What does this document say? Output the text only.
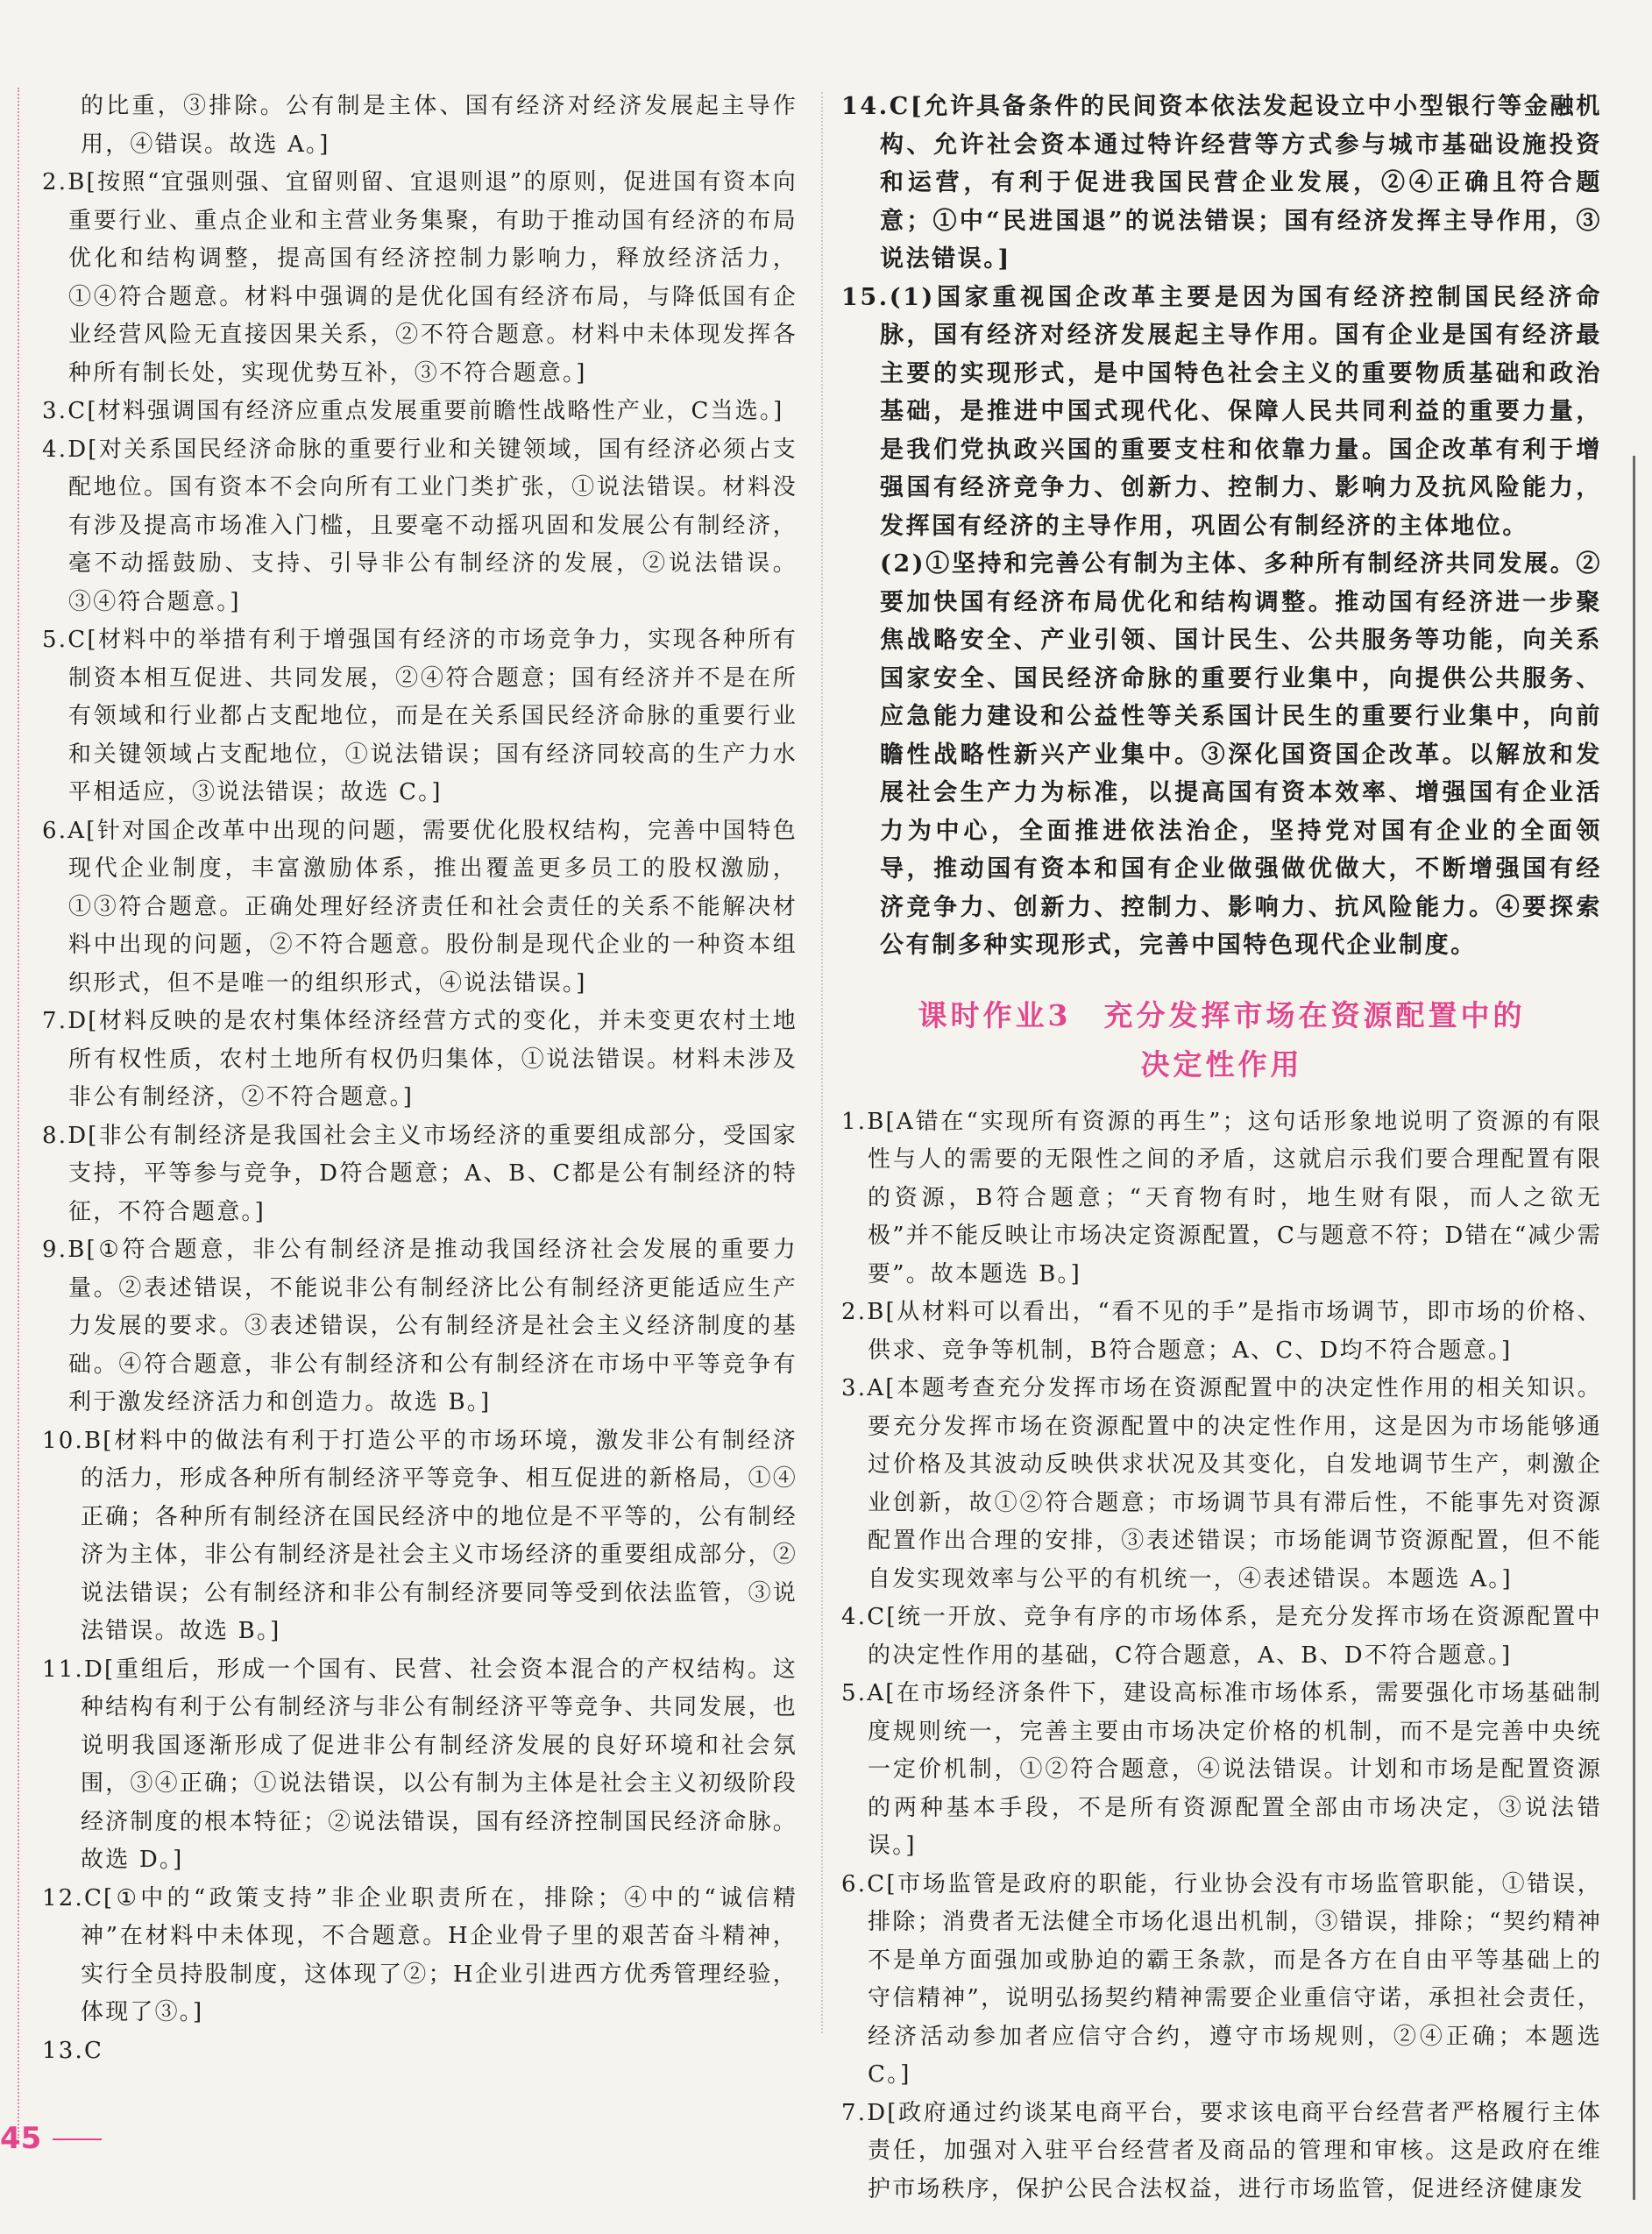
的比重，③排除。公有制是主体、国有经济对经济发展起主导作用，④错误。故选 A。]

2.B[按照“宜强则强、宜留则留、宜退则退”的原则，促进国有资本向重要行业、重点企业和主营业务集聚，有助于推动国有经济的布局优化和结构调整，提高国有经济控制力影响力，释放经济活力，①④符合题意。材料中强调的是优化国有经济布局，与降低国有企业经营风险无直接因果关系，②不符合题意。材料中未体现发挥各种所有制长处，实现优势互补，③不符合题意。]

3.C[材料强调国有经济应重点发展重要前瞻性战略性产业，C当选。]

4.D[对关系国民经济命脉的重要行业和关键领域，国有经济必须占支配地位。国有资本不会向所有工业门类扩张，①说法错误。材料没有涉及提高市场准入门槛，且要毫不动摇巩固和发展公有制经济，毫不动摇鼓励、支持、引导非公有制经济的发展，②说法错误。③④符合题意。]

5.C[材料中的举措有利于增强国有经济的市场竞争力，实现各种所有制资本相互促进、共同发展，②④符合题意；国有经济并不是在所有领域和行业都占支配地位，而是在关系国民经济命脉的重要行业和关键领域占支配地位，①说法错误；国有经济同较高的生产力水平相适应，③说法错误；故选 C。]

6.A[针对国企改革中出现的问题，需要优化股权结构，完善中国特色现代企业制度，丰富激励体系，推出覆盖更多员工的股权激励，①③符合题意。正确处理好经济责任和社会责任的关系不能解决材料中出现的问题，②不符合题意。股份制是现代企业的一种资本组织形式，但不是唯一的组织形式，④说法错误。]

7.D[材料反映的是农村集体经济经营方式的变化，并未变更农村土地所有权性质，农村土地所有权仍归集体，①说法错误。材料未涉及非公有制经济，②不符合题意。]

8.D[非公有制经济是我国社会主义市场经济的重要组成部分，受国家支持，平等参与竞争，D符合题意；A、B、C都是公有制经济的特征，不符合题意。]

9.B[①符合题意，非公有制经济是推动我国经济社会发展的重要力量。②表述错误，不能说非公有制经济比公有制经济更能适应生产力发展的要求。③表述错误，公有制经济是社会主义经济制度的基础。④符合题意，非公有制经济和公有制经济在市场中平等竞争有利于激发经济活力和创造力。故选 B。]

10.B[材料中的做法有利于打造公平的市场环境，激发非公有制经济的活力，形成各种所有制经济平等竞争、相互促进的新格局，①④正确；各种所有制经济在国民经济中的地位是不平等的，公有制经济为主体，非公有制经济是社会主义市场经济的重要组成部分，②说法错误；公有制经济和非公有制经济要同等受到依法监管，③说法错误。故选 B。]

11.D[重组后，形成一个国有、民营、社会资本混合的产权结构。这种结构有利于公有制经济与非公有制经济平等竞争、共同发展，也说明我国逐渐形成了促进非公有制经济发展的良好环境和社会氛围，③④正确；①说法错误，以公有制为主体是社会主义初级阶段经济制度的根本特征；②说法错误，国有经济控制国民经济命脉。故选 D。]

12.C[①中的“政策支持”非企业职责所在，排除；④中的“诚信精神”在材料中未体现，不合题意。H企业骨子里的艰苦奋斗精神，实行全员持股制度，这体现了②；H企业引进西方优秀管理经验，体现了③。]

13.C

14.C[允许具备条件的民间资本依法发起设立中小型银行等金融机构、允许社会资本通过特许经营等方式参与城市基础设施投资和运营，有利于促进我国民营企业发展，②④正确且符合题意；①中“民进国退”的说法错误；国有经济发挥主导作用，③说法错误。]

15.(1)国家重视国企改革主要是因为国有经济控制国民经济命脉，国有经济对经济发展起主导作用。国有企业是国有经济最主要的实现形式，是中国特色社会主义的重要物质基础和政治基础，是推进中国式现代化、保障人民共同利益的重要力量，是我们党执政兴国的重要支柱和依靠力量。国企改革有利于增强国有经济竞争力、创新力、控制力、影响力及抗风险能力，发挥国有经济的主导作用，巩固公有制经济的主体地位。

(2)①坚持和完善公有制为主体、多种所有制经济共同发展。②要加快国有经济布局优化和结构调整。推动国有经济进一步聚焦战略安全、产业引领、国计民生、公共服务等功能，向关系国家安全、国民经济命脉的重要行业集中，向提供公共服务、应急能力建设和公益性等关系国计民生的重要行业集中，向前瞻性战略性新兴产业集中。③深化国资国企改革。以解放和发展社会生产力为标准，以提高国有资本效率、增强国有企业活力为中心，全面推进依法治企，坚持党对国有企业的全面领导，推动国有资本和国有企业做强做优做大，不断增强国有经济竞争力、创新力、控制力、影响力、抗风险能力。④要探索公有制多种实现形式，完善中国特色现代企业制度。

课时作业3　充分发挥市场在资源配置中的
决定性作用

1.B[A错在“实现所有资源的再生”；这句话形象地说明了资源的有限性与人的需要的无限性之间的矛盾，这就启示我们要合理配置有限的资源，B符合题意；“天育物有时，地生财有限，而人之欲无极”并不能反映让市场决定资源配置，C与题意不符；D错在“减少需要”。故本题选 B。]

2.B[从材料可以看出，“看不见的手”是指市场调节，即市场的价格、供求、竞争等机制，B符合题意；A、C、D均不符合题意。]

3.A[本题考查充分发挥市场在资源配置中的决定性作用的相关知识。要充分发挥市场在资源配置中的决定性作用，这是因为市场能够通过价格及其波动反映供求状况及其变化，自发地调节生产，刺激企业创新，故①②符合题意；市场调节具有滞后性，不能事先对资源配置作出合理的安排，③表述错误；市场能调节资源配置，但不能自发实现效率与公平的有机统一，④表述错误。本题选 A。]

4.C[统一开放、竞争有序的市场体系，是充分发挥市场在资源配置中的决定性作用的基础，C符合题意，A、B、D不符合题意。]

5.A[在市场经济条件下，建设高标准市场体系，需要强化市场基础制度规则统一，完善主要由市场决定价格的机制，而不是完善中央统一定价机制，①②符合题意，④说法错误。计划和市场是配置资源的两种基本手段，不是所有资源配置全部由市场决定，③说法错误。]

6.C[市场监管是政府的职能，行业协会没有市场监管职能，①错误，排除；消费者无法健全市场化退出机制，③错误，排除；“契约精神不是单方面强加或胁迫的霸王条款，而是各方在自由平等基础上的守信精神”，说明弘扬契约精神需要企业重信守诺，承担社会责任，经济活动参加者应信守合约，遵守市场规则，②④正确；本题选 C。]

7.D[政府通过约谈某电商平台，要求该电商平台经营者严格履行主体责任，加强对入驻平台经营者及商品的管理和审核。这是政府在维护市场秩序，保护公民合法权益，进行市场监管，促进经济健康发

45
